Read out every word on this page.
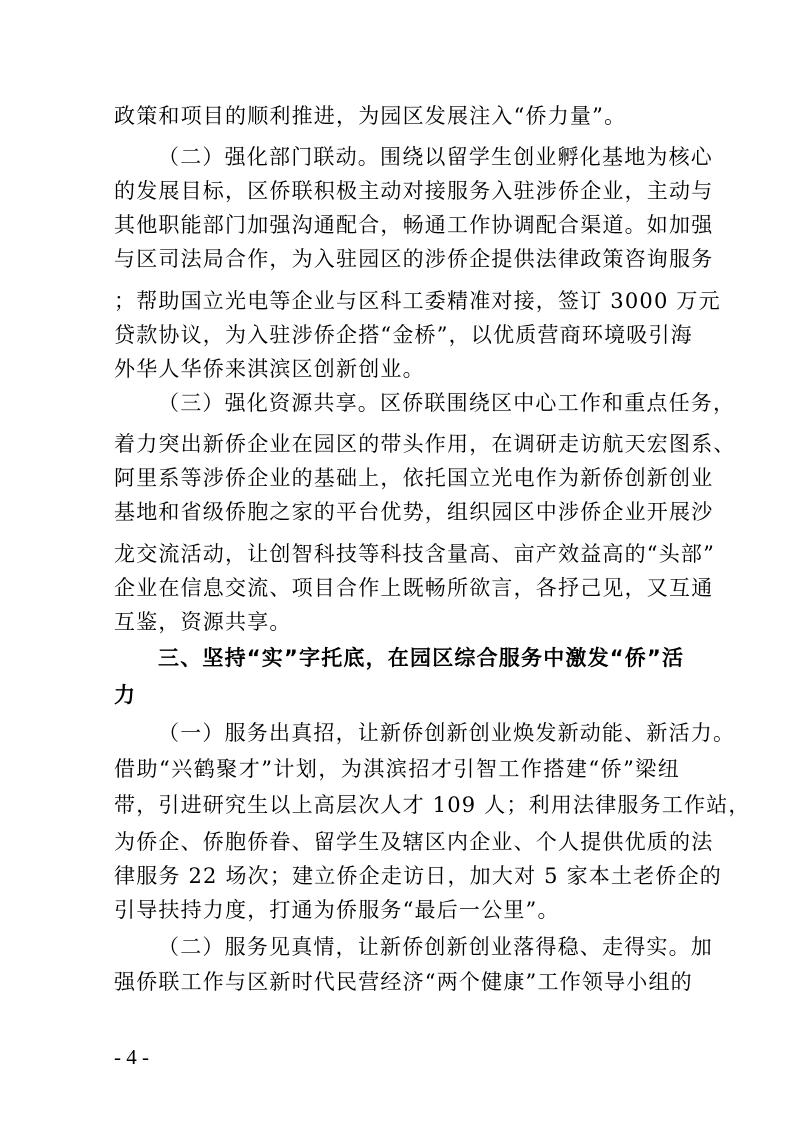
政策和项目的顺利推进，为园区发展注入“侨力量”。
（二）强化部门联动。围绕以留学生创业孵化基地为核心
的发展目标，区侨联积极主动对接服务入驻涉侨企业，主动与
其他职能部门加强沟通配合，畅通工作协调配合渠道。如加强
与区司法局合作，为入驻园区的涉侨企提供法律政策咨询服务
；帮助国立光电等企业与区科工委精准对接，签订 3000 万元
贷款协议，为入驻涉侨企搭“金桥”，以优质营商环境吸引海
外华人华侨来淇滨区创新创业。
（三）强化资源共享。区侨联围绕区中心工作和重点任务，
着力突出新侨企业在园区的带头作用，在调研走访航天宏图系、
阿里系等涉侨企业的基础上，依托国立光电作为新侨创新创业
基地和省级侨胞之家的平台优势，组织园区中涉侨企业开展沙
龙交流活动，让创智科技等科技含量高、亩产效益高的“头部”
企业在信息交流、项目合作上既畅所欲言，各抒己见，又互通
互鉴，资源共享。
三、坚持“实”字托底，在园区综合服务中激发“侨”活
力
（一）服务出真招，让新侨创新创业焕发新动能、新活力。
借助“兴鹤聚才”计划，为淇滨招才引智工作搭建“侨”梁纽
带，引进研究生以上高层次人才 109 人；利用法律服务工作站，
为侨企、侨胞侨眷、留学生及辖区内企业、个人提供优质的法
律服务 22 场次；建立侨企走访日，加大对 5 家本土老侨企的
引导扶持力度，打通为侨服务“最后一公里”。
（二）服务见真情，让新侨创新创业落得稳、走得实。加
强侨联工作与区新时代民营经济“两个健康”工作领导小组的
- 4 -
